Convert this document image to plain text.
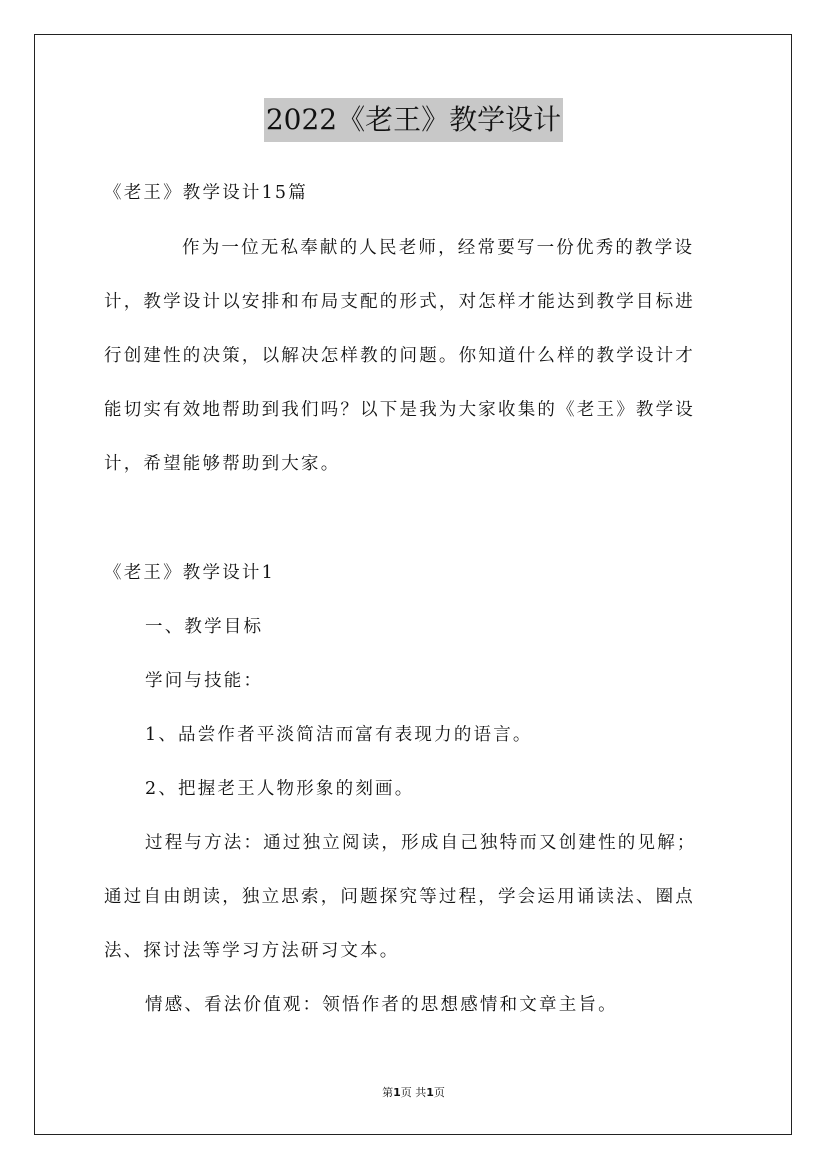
2022《老王》教学设计
《老王》教学设计15篇
作为一位无私奉献的人民老师，经常要写一份优秀的教学设
计，教学设计以安排和布局支配的形式，对怎样才能达到教学目标进
行创建性的决策，以解决怎样教的问题。你知道什么样的教学设计才
能切实有效地帮助到我们吗？以下是我为大家收集的《老王》教学设
计，希望能够帮助到大家。
《老王》教学设计1
一、教学目标
学问与技能：
1、品尝作者平淡简洁而富有表现力的语言。
2、把握老王人物形象的刻画。
过程与方法：通过独立阅读，形成自己独特而又创建性的见解；
通过自由朗读，独立思索，问题探究等过程，学会运用诵读法、圈点
法、探讨法等学习方法研习文本。
情感、看法价值观：领悟作者的思想感情和文章主旨。
第1页 共1页
